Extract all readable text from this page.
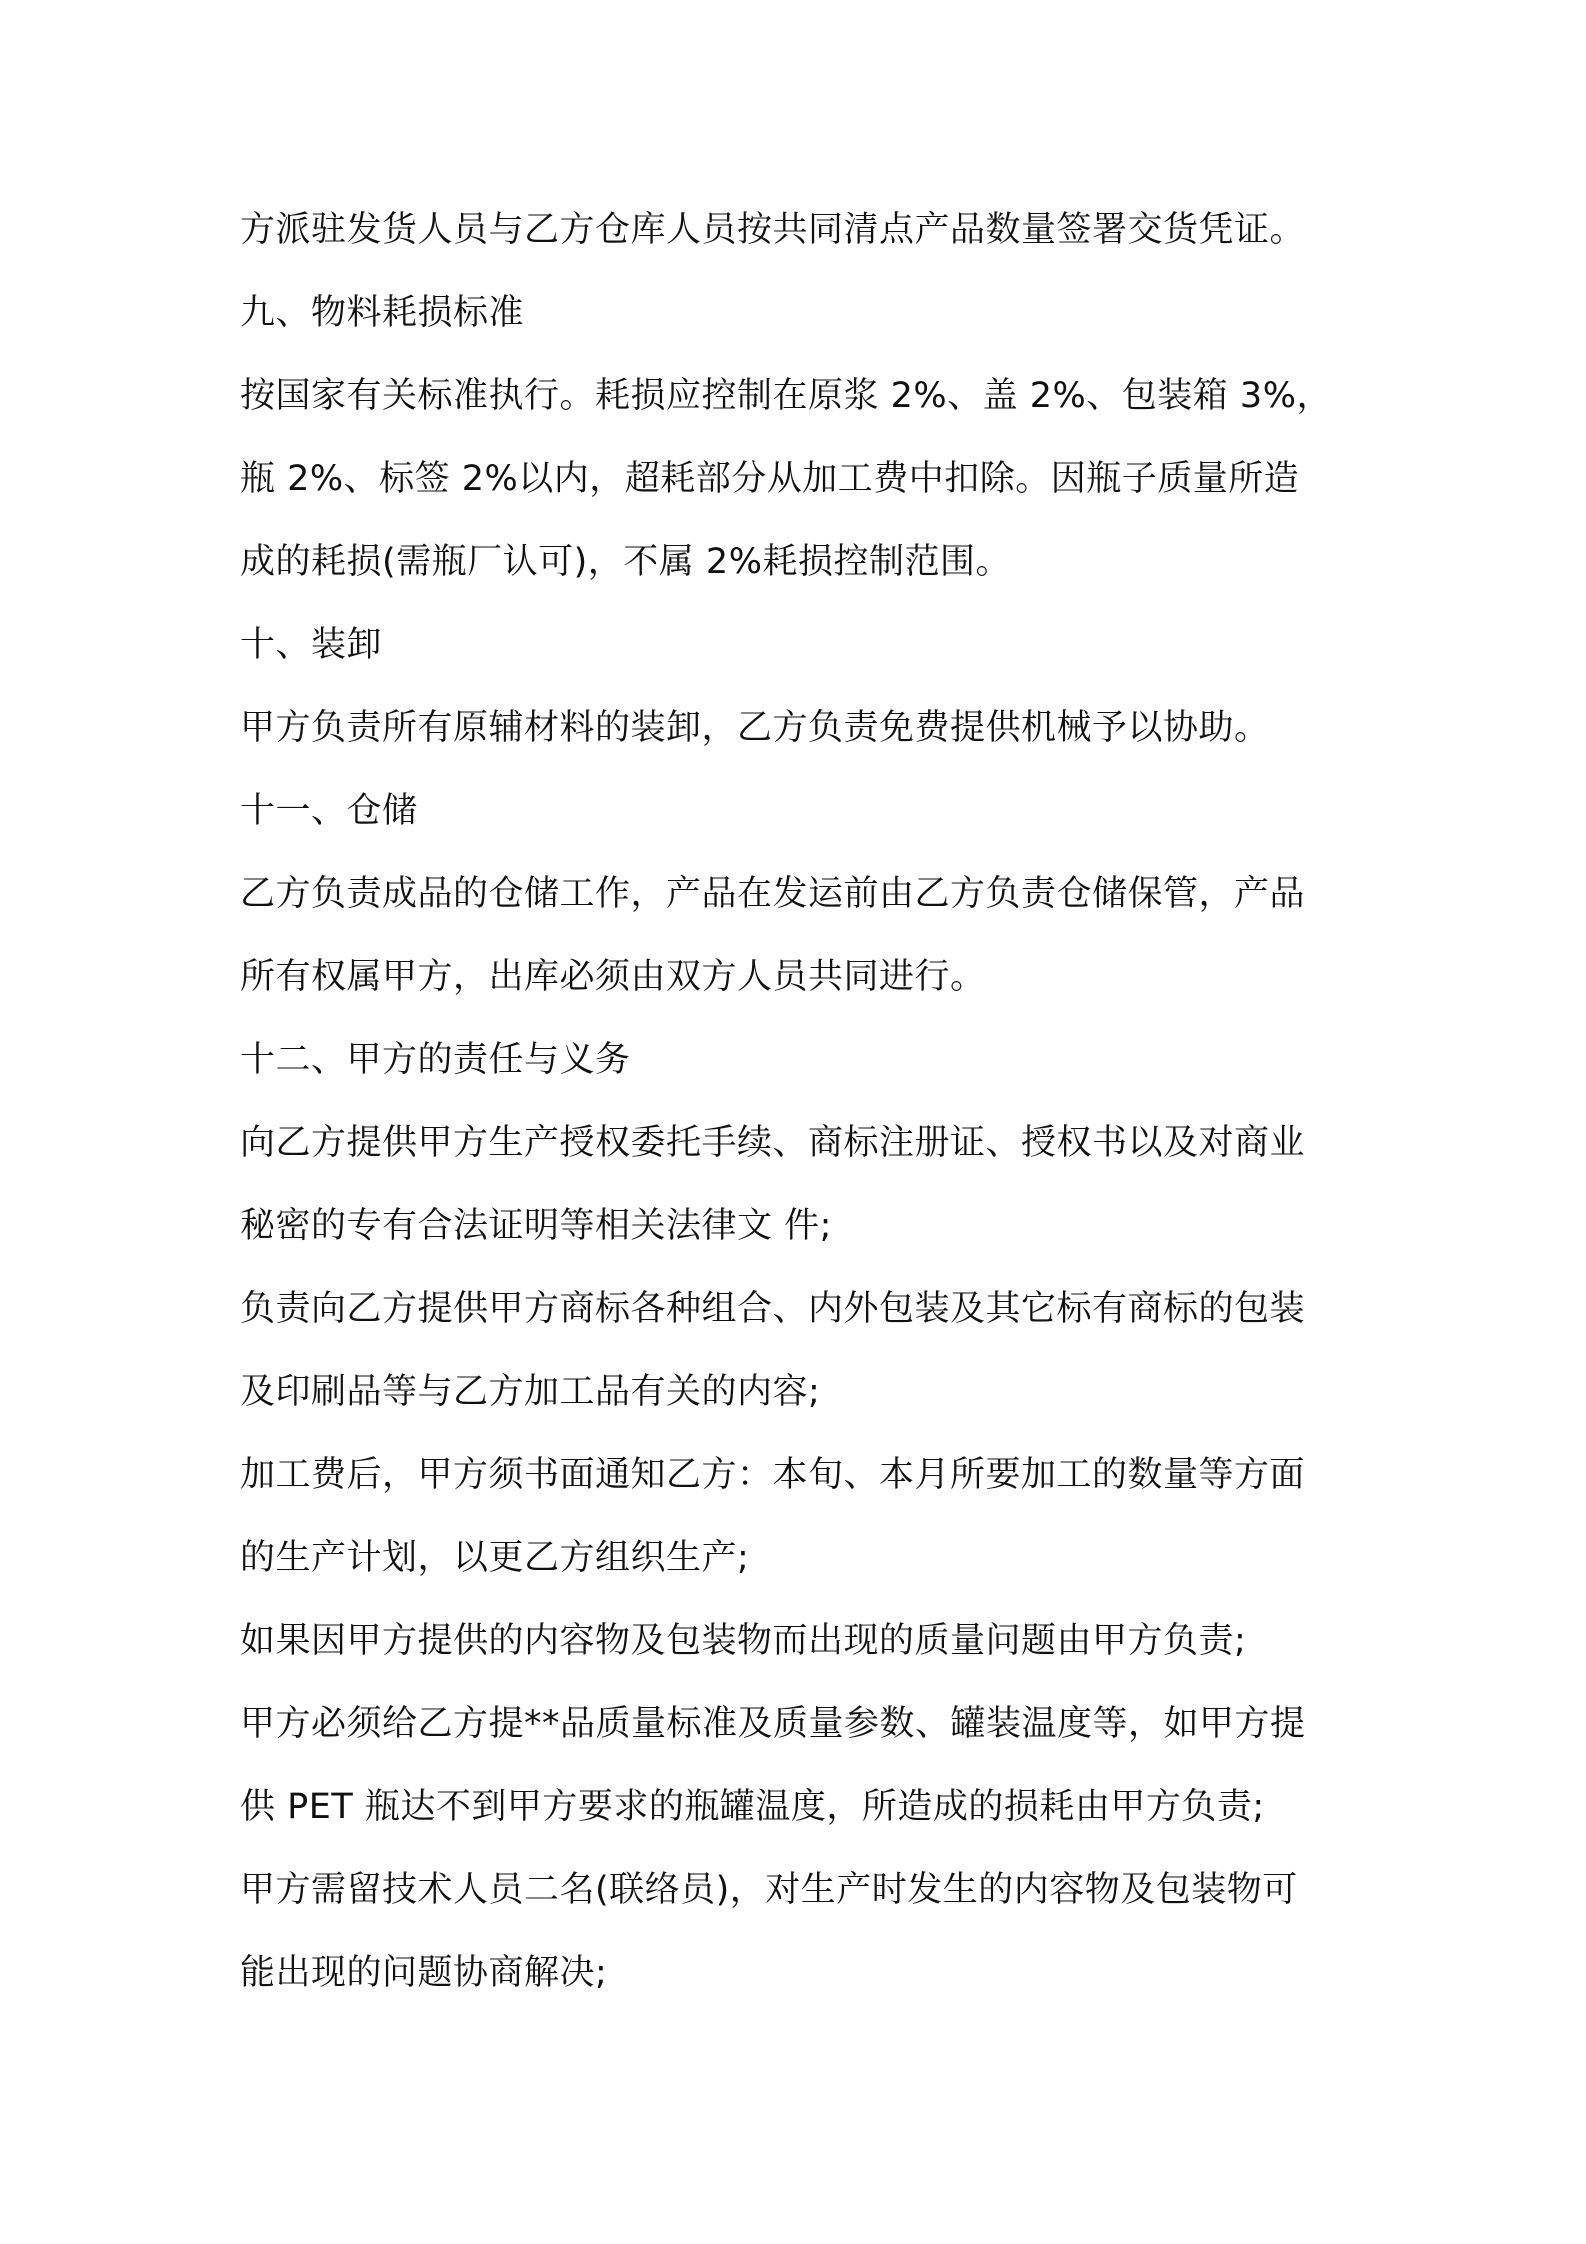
方派驻发货人员与乙方仓库人员按共同清点产品数量签署交货凭证。
九、物料耗损标准
按国家有关标准执行。耗损应控制在原浆 2%、盖 2%、包装箱 3%，
瓶 2%、标签 2%以内，超耗部分从加工费中扣除。因瓶子质量所造
成的耗损(需瓶厂认可)，不属 2%耗损控制范围。
十、装卸
甲方负责所有原辅材料的装卸，乙方负责免费提供机械予以协助。
十一、仓储
乙方负责成品的仓储工作，产品在发运前由乙方负责仓储保管，产品
所有权属甲方，出库必须由双方人员共同进行。
十二、甲方的责任与义务
向乙方提供甲方生产授权委托手续、商标注册证、授权书以及对商业
秘密的专有合法证明等相关法律文 件;
负责向乙方提供甲方商标各种组合、内外包装及其它标有商标的包装
及印刷品等与乙方加工品有关的内容;
加工费后，甲方须书面通知乙方：本旬、本月所要加工的数量等方面
的生产计划，以更乙方组织生产;
如果因甲方提供的内容物及包装物而出现的质量问题由甲方负责;
甲方必须给乙方提**品质量标准及质量参数、罐装温度等，如甲方提
供 PET 瓶达不到甲方要求的瓶罐温度，所造成的损耗由甲方负责;
甲方需留技术人员二名(联络员)，对生产时发生的内容物及包装物可
能出现的问题协商解决;
